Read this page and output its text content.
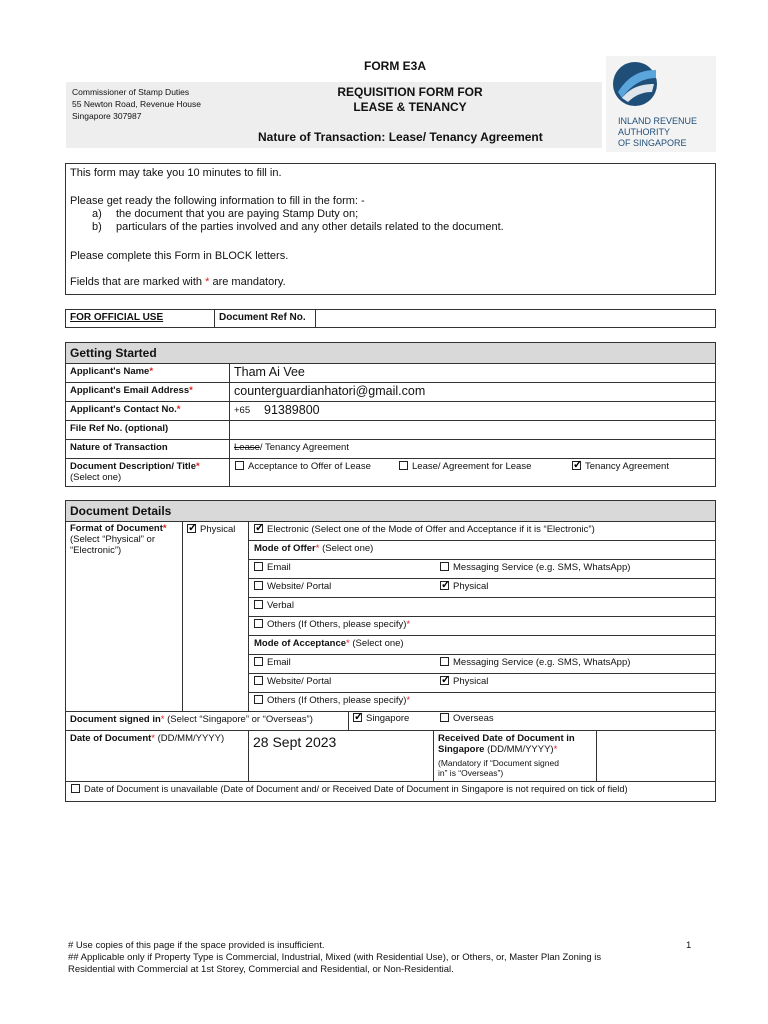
FORM E3A
REQUISITION FORM FOR
LEASE & TENANCY
Nature of Transaction: Lease/ Tenancy Agreement
Commissioner of Stamp Duties
55 Newton Road, Revenue House
Singapore 307987	INLAND REVENUE
AUTHORITY
OF SINGAPORE
This form may take you 10 minutes to fill in.
Please get ready the following information to fill in the form: -
a) the document that you are paying Stamp Duty on;
b) particulars of the parties involved and any other details related to the document.
Please complete this Form in BLOCK letters.
Fields that are marked with * are mandatory.
FOR OFFICIAL USE	Document Ref No.
Getting Started
Applicant's Name*	Tham Ai Vee
Applicant's Email Address*	counterguardianhatori@gmail.com
Applicant's Contact No.*	+65 91389800
File Ref No. (optional)
Nature of Transaction	Lease/ Tenancy Agreement
Document Description/ Title*
(Select one)
Acceptance to Offer of Lease	Lease/ Agreement for Lease ✓	Tenancy Agreement
Document Details
Format of Document*
(Select “Physical” or
“Electronic”)
✓Physical ✓	Electronic (Select one of the Mode of Offer and Acceptance if it is “Electronic”)
Mode of Offer* (Select one)
Email	Messaging Service (e.g. SMS, WhatsApp)
Website/ Portal ✓	Physical
Verbal
Others (If Others, please specify)*
Mode of Acceptance* (Select one)
Email	Messaging Service (e.g. SMS, WhatsApp)
Website/ Portal ✓	Physical
Others (If Others, please specify)*
Document signed in* (Select “Singapore” or “Overseas”) ✓	Singapore	Overseas
Date of Document* (DD/MM/YYYY) 28 Sept 2023	Received Date of Document in
Singapore (DD/MM/YYYY)*
(Mandatory if “Document signed
in” is “Overseas”)
Date of Document is unavailable (Date of Document and/ or Received Date of Document in Singapore is not required on tick of field)
# Use copies of this page if the space provided is insufficient.
## Applicable only if Property Type is Commercial, Industrial, Mixed (with Residential Use), or Others, or, Master Plan Zoning is
Residential with Commercial at 1st Storey, Commercial and Residential, or Non-Residential.
1
